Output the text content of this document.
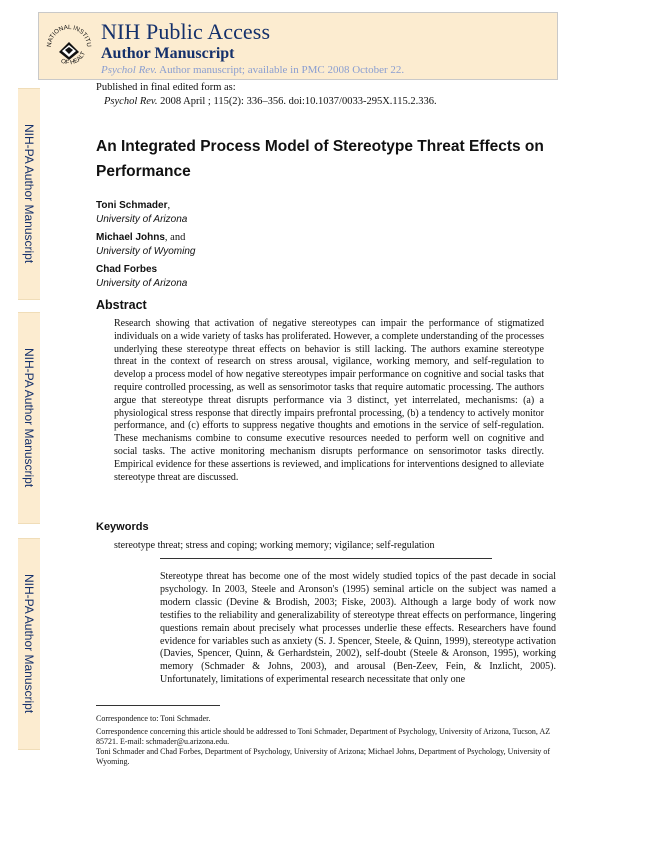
NATIONAL INSTITU
OF HEALT
NIH Public Access
Author Manuscript
Psychol Rev. Author manuscript; available in PMC 2008 October 22.
NIH-PA Author Manuscript
NIH-PA Author Manuscript
NIH-PA Author Manuscript
Published in final edited form as:
Psychol Rev. 2008 April ; 115(2): 336–356. doi:10.1037/0033-295X.115.2.336.
An Integrated Process Model of Stereotype Threat Effects on Performance
Toni Schmader,
University of Arizona
Michael Johns, and
University of Wyoming
Chad Forbes
University of Arizona
Abstract

Research showing that activation of negative stereotypes can impair the performance of stigmatized individuals on a wide variety of tasks has proliferated. However, a complete understanding of the processes underlying these stereotype threat effects on behavior is still lacking. The authors examine stereotype threat in the context of research on stress arousal, vigilance, working memory, and self-regulation to develop a process model of how negative stereotypes impair performance on cognitive and social tasks that require controlled processing, as well as sensorimotor tasks that require automatic processing. The authors argue that stereotype threat disrupts performance via 3 distinct, yet interrelated, mechanisms: (a) a physiological stress response that directly impairs prefrontal processing, (b) a tendency to actively monitor performance, and (c) efforts to suppress negative thoughts and emotions in the service of self-regulation. These mechanisms combine to consume executive resources needed to perform well on cognitive and social tasks. The active monitoring mechanism disrupts performance on sensorimotor tasks directly. Empirical evidence for these assertions is reviewed, and implications for interventions designed to alleviate stereotype threat are discussed.

Keywords
stereotype threat; stress and coping; working memory; vigilance; self-regulation

Stereotype threat has become one of the most widely studied topics of the past decade in social psychology. In 2003, Steele and Aronson's (1995) seminal article on the subject was named a modern classic (Devine & Brodish, 2003; Fiske, 2003). Although a large body of work now testifies to the reliability and generalizability of stereotype threat effects on performance, lingering questions remain about precisely what processes underlie these effects. Researchers have found evidence for variables such as anxiety (S. J. Spencer, Steele, & Quinn, 1999), stereotype activation (Davies, Spencer, Quinn, & Gerhardstein, 2002), self-doubt (Steele & Aronson, 1995), working memory (Schmader & Johns, 2003), and arousal (Ben-Zeev, Fein, & Inzlicht, 2005). Unfortunately, limitations of experimental research necessitate that only one

Correspondence to: Toni Schmader.

Correspondence concerning this article should be addressed to Toni Schmader, Department of Psychology, University of Arizona, Tucson, AZ 85721. E-mail: schmader@u.arizona.edu.

Toni Schmader and Chad Forbes, Department of Psychology, University of Arizona; Michael Johns, Department of Psychology, University of Wyoming.
